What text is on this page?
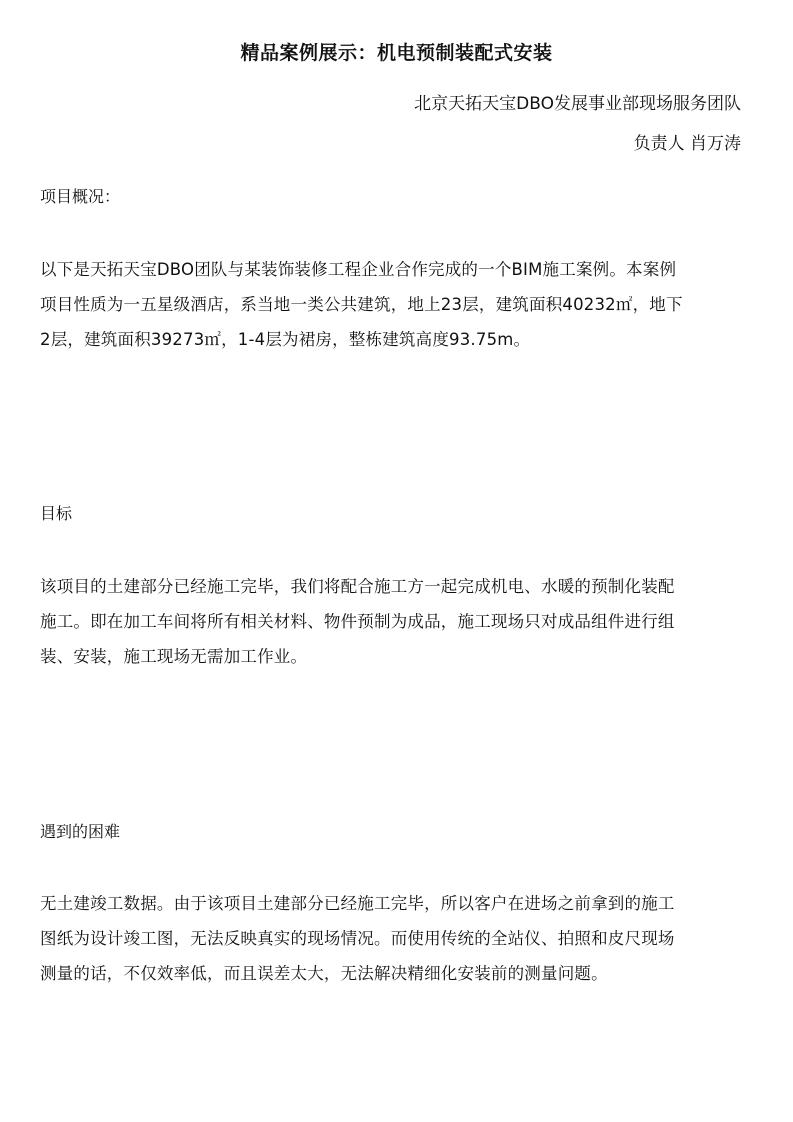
精品案例展示：机电预制装配式安装
北京天拓天宝DBO发展事业部现场服务团队
负责人 肖万涛
项目概况：
以下是天拓天宝DBO团队与某装饰装修工程企业合作完成的一个BIM施工案例。本案例
项目性质为一五星级酒店，系当地一类公共建筑，地上23层，建筑面积40232㎡，地下
2层，建筑面积39273㎡，1-4层为裙房，整栋建筑高度93.75m。
目标
该项目的土建部分已经施工完毕，我们将配合施工方一起完成机电、水暖的预制化装配
施工。即在加工车间将所有相关材料、物件预制为成品，施工现场只对成品组件进行组
装、安装，施工现场无需加工作业。
遇到的困难
无土建竣工数据。由于该项目土建部分已经施工完毕，所以客户在进场之前拿到的施工
图纸为设计竣工图，无法反映真实的现场情况。而使用传统的全站仪、拍照和皮尺现场
测量的话，不仅效率低，而且误差太大，无法解决精细化安装前的测量问题。
